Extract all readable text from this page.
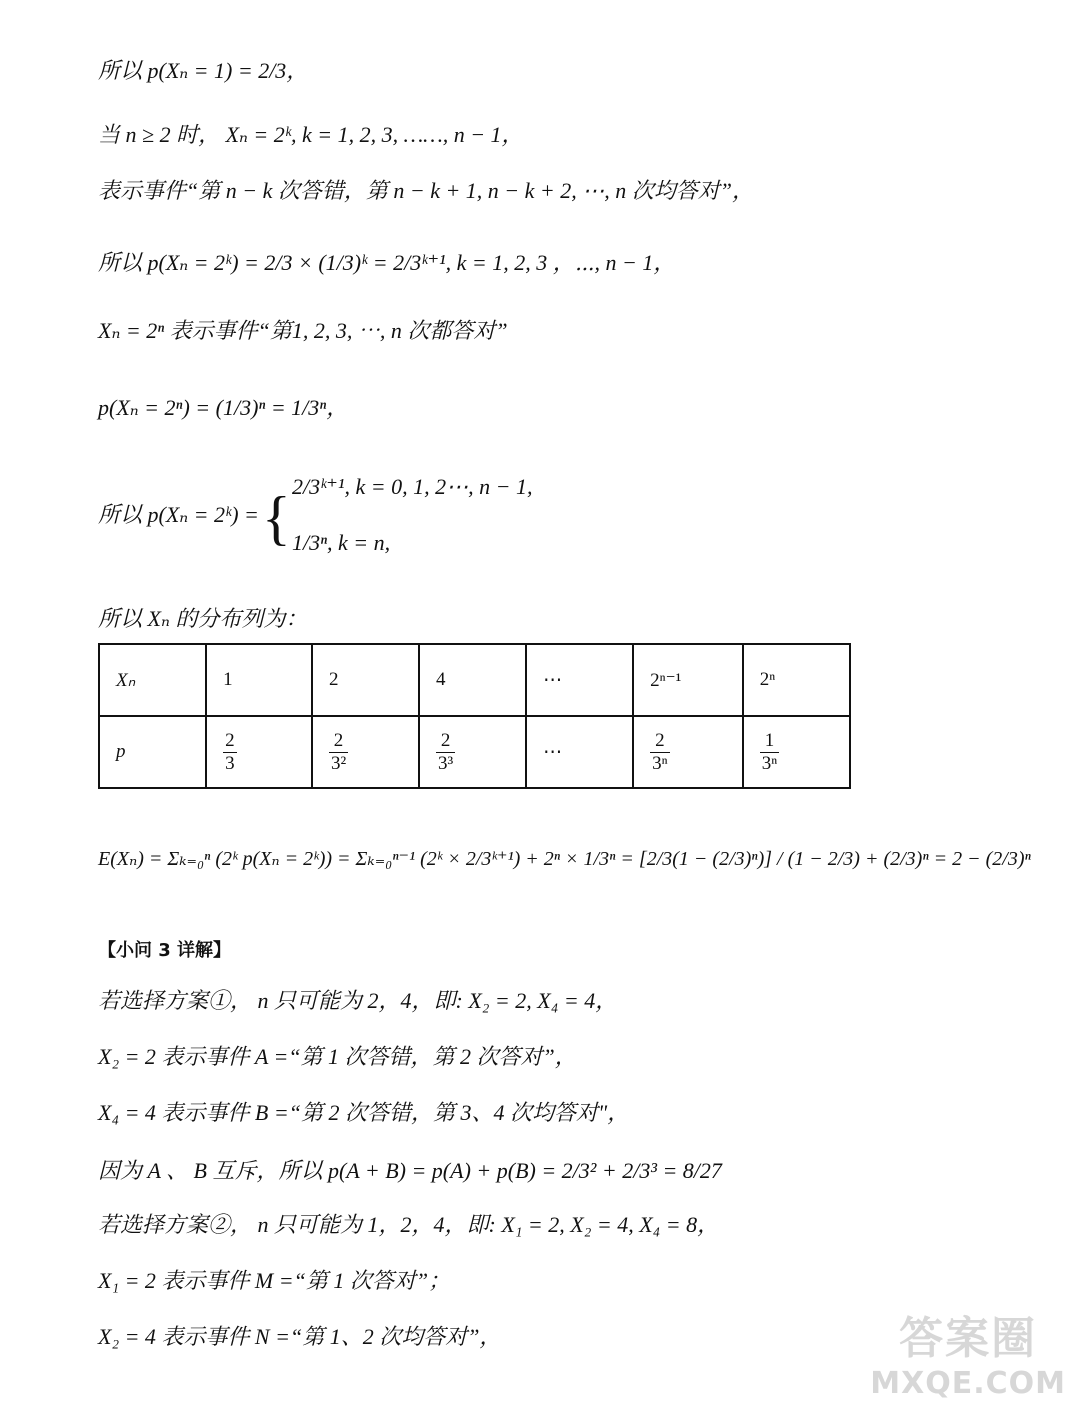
所以 p(Xₙ = 1) = 2/3，
当 n ≥ 2 时， Xₙ = 2ᵏ, k = 1, 2, 3, ……, n − 1，
表示事件“第 n − k 次答错，第 n − k + 1, n − k + 2, ⋯, n 次均答对”，
所以 p(Xₙ = 2ᵏ) = 2/3 × (1/3)ᵏ = 2/3ᵏ⁺¹, k = 1, 2, 3 ，⋯, n − 1，
Xₙ = 2ⁿ 表示事件“第1, 2, 3, ⋯, n 次都答对”
p(Xₙ = 2ⁿ) = (1/3)ⁿ = 1/3ⁿ，
所以 p(Xₙ = 2ᵏ) = { 2/3ᵏ⁺¹, k = 0, 1, 2⋯, n − 1,
1/3ⁿ, k = n,
所以 Xₙ 的分布列为：
Xₙ	1	2	4	⋯	2ⁿ⁻¹	2ⁿ
p	$\frac{2}{3}$	$\frac{2}{\text{3²}}$	$\frac{2}{\text{3³}}$	⋯	$\frac{2}{\text{3ⁿ}}$	$\frac{1}{\text{3ⁿ}}$
E(Xₙ) = Σₖ₌₀ⁿ (2ᵏ p(Xₙ = 2ᵏ)) = Σₖ₌₀ⁿ⁻¹ (2ᵏ × 2/3ᵏ⁺¹) + 2ⁿ × 1/3ⁿ = [2/3(1 − (2/3)ⁿ)] / (1 − 2/3) + (2/3)ⁿ = 2 − (2/3)ⁿ
【小问 3 详解】
若选择方案①， n 只可能为 2，4，即: X₂ = 2, X₄ = 4，
X₂ = 2 表示事件 A =“第 1 次答错，第 2 次答对”，
X₄ = 4 表示事件 B =“第 2 次答错，第 3、4 次均答对"，
因为 A 、 B 互斥，所以 p(A + B) = p(A) + p(B) = 2/3² + 2/3³ = 8/27
若选择方案②， n 只可能为 1，2，4，即: X₁ = 2, X₂ = 4, X₄ = 8，
X₁ = 2 表示事件 M =“第 1 次答对”；
X₂ = 4 表示事件 N =“第 1、2 次均答对”，	答案圈
MXQE.COM
